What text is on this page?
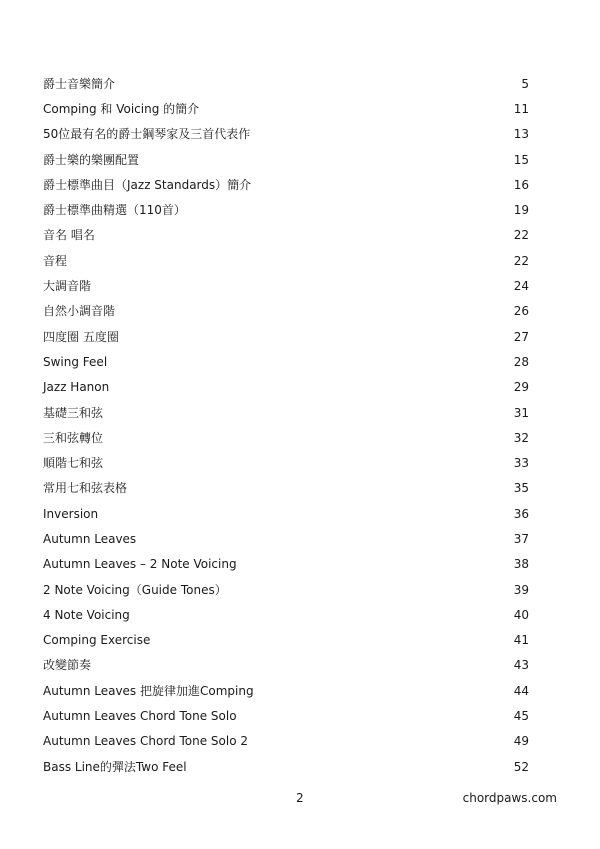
爵士音樂簡介	5
Comping 和 Voicing 的簡介	11
50位最有名的爵士鋼琴家及三首代表作	13
爵士樂的樂團配置	15
爵士標準曲目（Jazz Standards）簡介	16
爵士標準曲精選（110首）	19
音名 唱名	22
音程	22
大調音階	24
自然小調音階	26
四度圈 五度圈	27
Swing Feel	28
Jazz Hanon	29
基礎三和弦	31
三和弦轉位	32
順階七和弦	33
常用七和弦表格	35
Inversion	36
Autumn Leaves	37
Autumn Leaves – 2 Note Voicing	38
2 Note Voicing（Guide Tones）	39
4 Note Voicing	40
Comping Exercise	41
改變節奏	43
Autumn Leaves 把旋律加進Comping	44
Autumn Leaves Chord Tone Solo	45
Autumn Leaves Chord Tone Solo 2	49
Bass Line的彈法Two Feel	52
2	chordpaws.com
